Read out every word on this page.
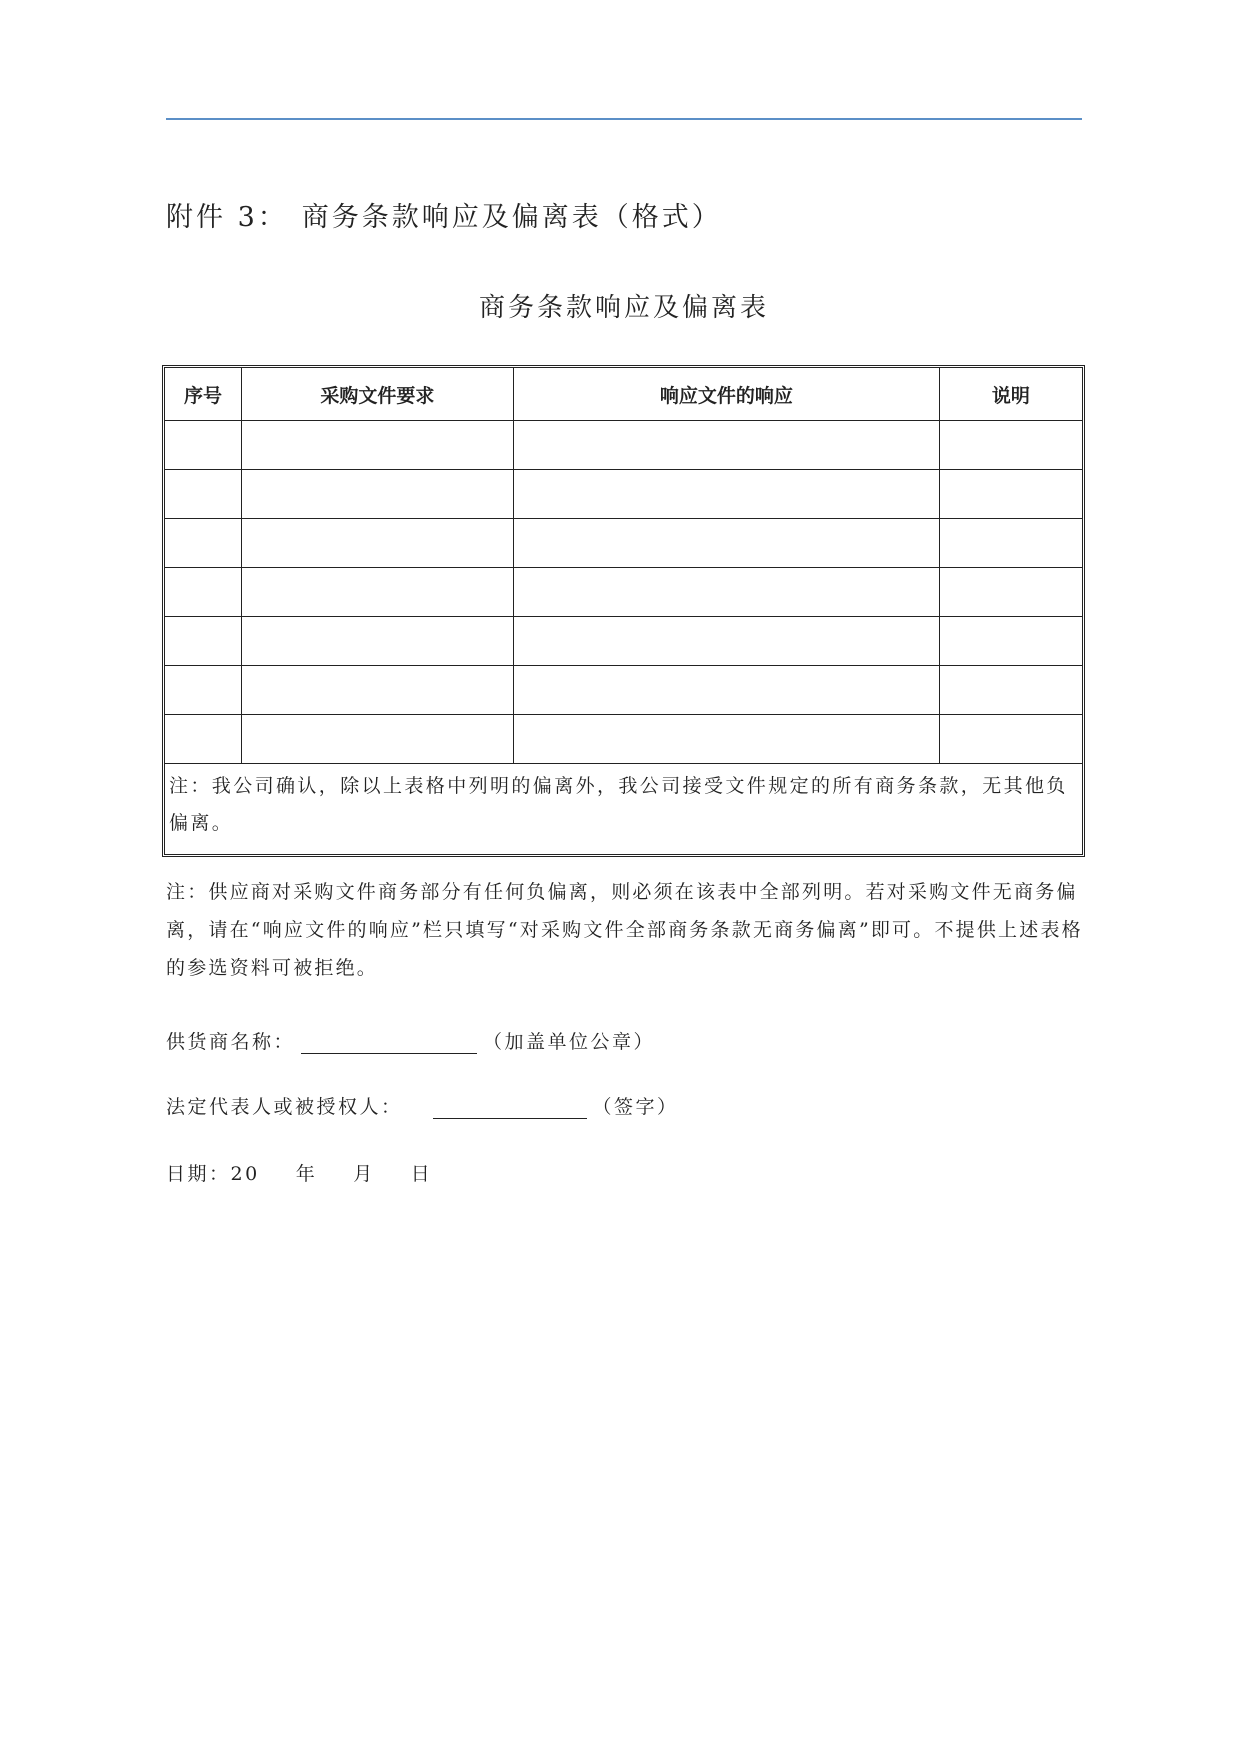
附件 3： 商务条款响应及偏离表（格式）
商务条款响应及偏离表
序号	采购文件要求	响应文件的响应	说明

注：我公司确认，除以上表格中列明的偏离外，我公司接受文件规定的所有商务条款，无其他负偏离。			
注：供应商对采购文件商务部分有任何负偏离，则必须在该表中全部列明。若对采购文件无商务偏离，请在“响应文件的响应”栏只填写“对采购文件全部商务条款无商务偏离”即可。不提供上述表格的参选资料可被拒绝。
供货商名称：	（加盖单位公章）
法定代表人或被授权人：	（签字）
日期：20 年 月 日
